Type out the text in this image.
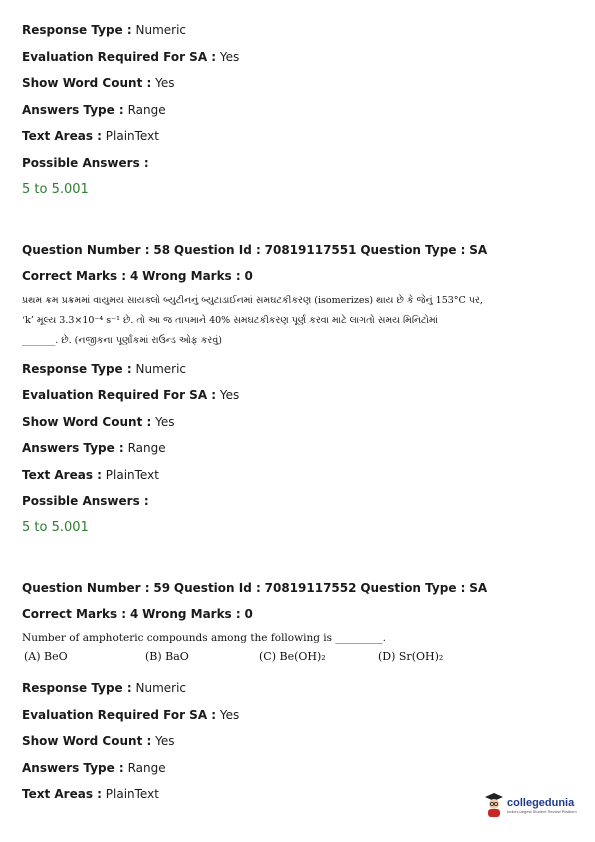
Response Type : Numeric
Evaluation Required For SA : Yes
Show Word Count : Yes
Answers Type : Range
Text Areas : PlainText
Possible Answers :
5 to 5.001
Question Number : 58 Question Id : 70819117551 Question Type : SA
Correct Marks : 4 Wrong Marks : 0
પ્રથમ ક્રમ પ્રક્રમમાં વાયુમય સાયક્લો બ્યુટીનનું બ્યુટાડાઈનમાં સમઘટકીકરણ (isomerizes) થાય છે કે જેનું 153°C પર,
‘k’ મૂલ્ય 3.3×10⁻⁴ s⁻¹ છે. તો આ જ તાપમાને 40% સમઘટકીકરણ પૂર્ણ કરવા માટે લાગતો સમય મિનિટોમાં
_______. છે. (નજીકના પૂર્ણાંકમાં રાઉન્ડ ઓફ કરવું)
Response Type : Numeric
Evaluation Required For SA : Yes
Show Word Count : Yes
Answers Type : Range
Text Areas : PlainText
Possible Answers :
5 to 5.001
Question Number : 59 Question Id : 70819117552 Question Type : SA
Correct Marks : 4 Wrong Marks : 0
Number of amphoteric compounds among the following is _________.
(A) BeO	(B) BaO	(C) Be(OH)₂	(D) Sr(OH)₂
Response Type : Numeric
Evaluation Required For SA : Yes
Show Word Count : Yes
Answers Type : Range
Text Areas : PlainText
collegedunia
India's largest Student Review Platform
